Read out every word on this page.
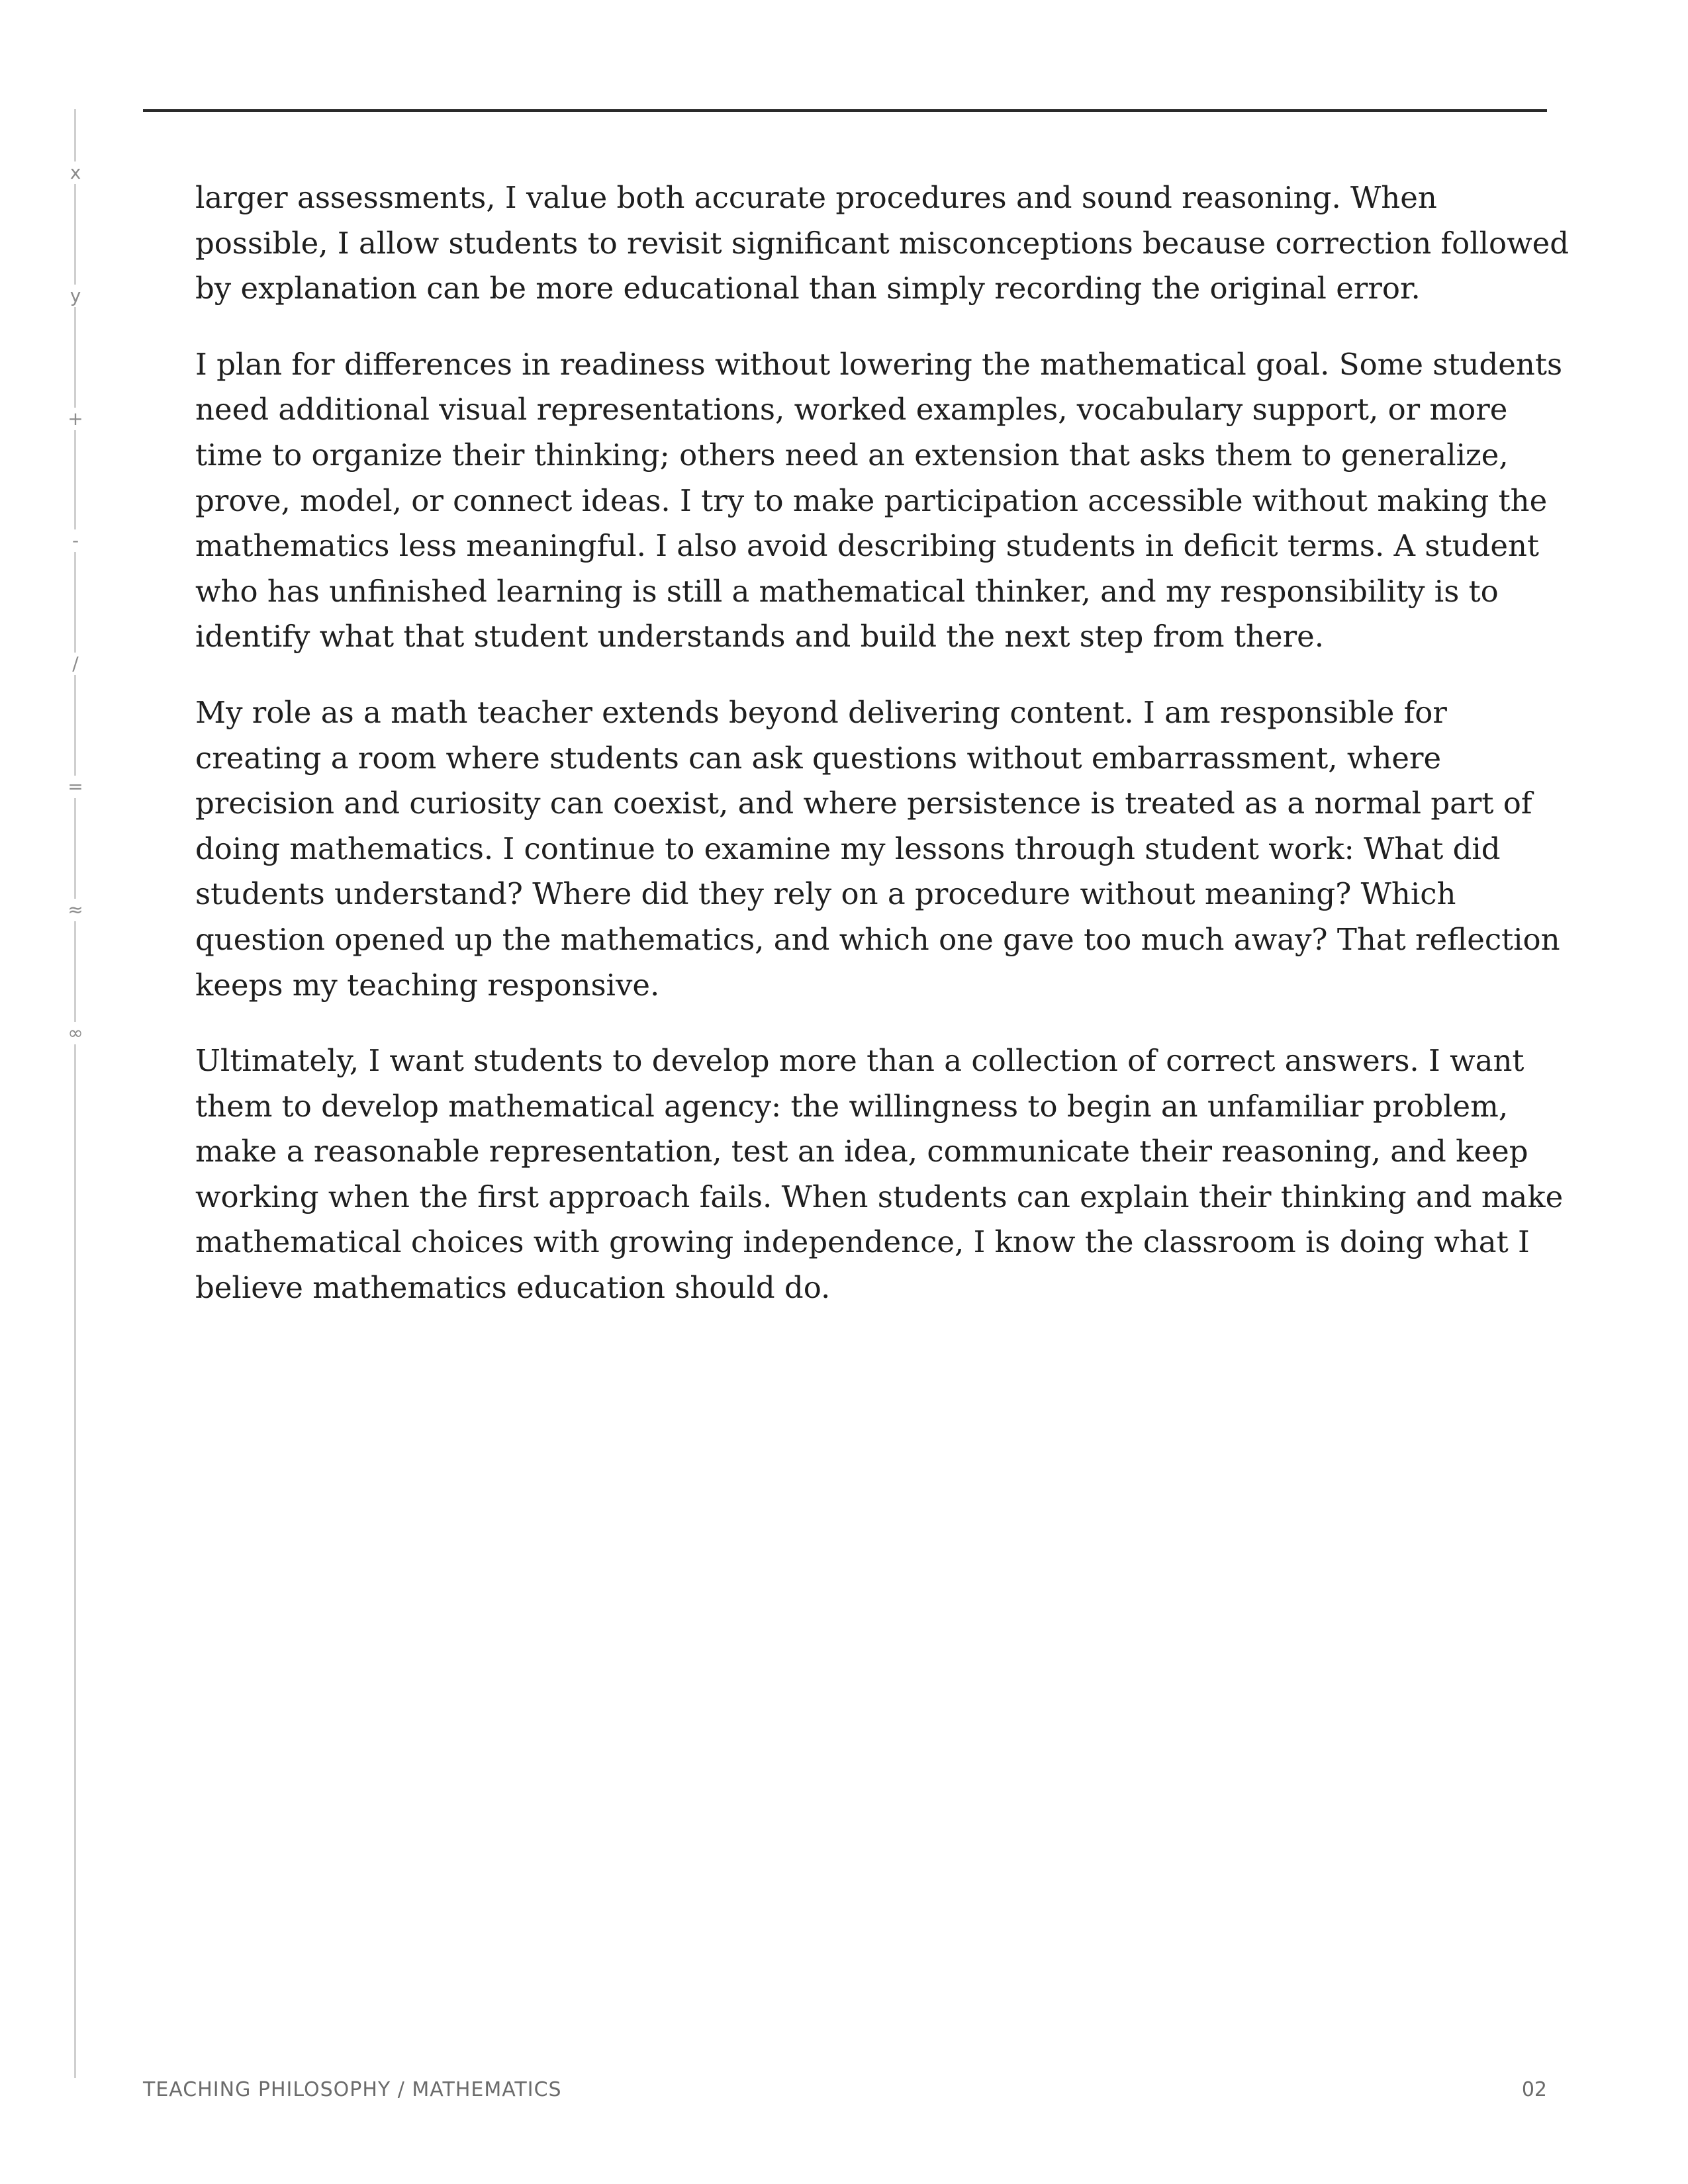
x
y
+
-
/
=
≈
∞

larger assessments, I value both accurate procedures and sound reasoning. When
possible, I allow students to revisit significant misconceptions because correction followed
by explanation can be more educational than simply recording the original error.

I plan for differences in readiness without lowering the mathematical goal. Some students
need additional visual representations, worked examples, vocabulary support, or more
time to organize their thinking; others need an extension that asks them to generalize,
prove, model, or connect ideas. I try to make participation accessible without making the
mathematics less meaningful. I also avoid describing students in deficit terms. A student
who has unfinished learning is still a mathematical thinker, and my responsibility is to
identify what that student understands and build the next step from there.

My role as a math teacher extends beyond delivering content. I am responsible for
creating a room where students can ask questions without embarrassment, where
precision and curiosity can coexist, and where persistence is treated as a normal part of
doing mathematics. I continue to examine my lessons through student work: What did
students understand? Where did they rely on a procedure without meaning? Which
question opened up the mathematics, and which one gave too much away? That reflection
keeps my teaching responsive.

Ultimately, I want students to develop more than a collection of correct answers. I want
them to develop mathematical agency: the willingness to begin an unfamiliar problem,
make a reasonable representation, test an idea, communicate their reasoning, and keep
working when the first approach fails. When students can explain their thinking and make
mathematical choices with growing independence, I know the classroom is doing what I
believe mathematics education should do.

TEACHING PHILOSOPHY / MATHEMATICS	02
